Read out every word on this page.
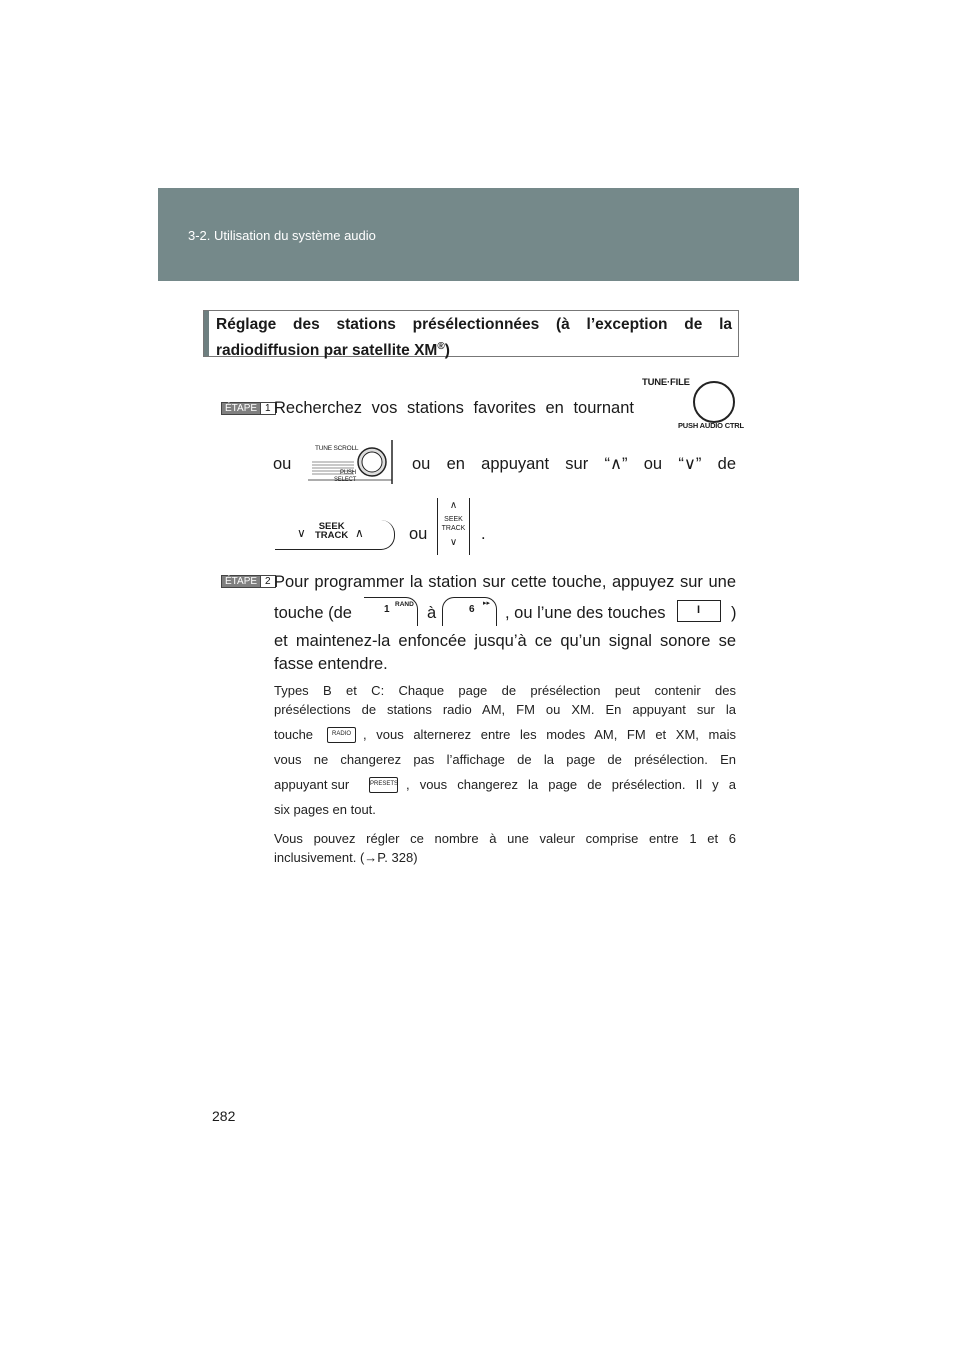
3-2. Utilisation du système audio
Réglage des stations présélectionnées (à l’exception de la
radiodiffusion par satellite XM®)
ÉTAPE 1 Recherchez vos stations favorites en tournant
TUNE·FILE
PUSH AUDIO CTRL
ou
TUNE SCROLL
PUSH
SELECT
ou en appuyant sur “∧” ou “∨” de
∨	SEEK
TRACK ∧	ou
∧
SEEK
TRACK
∨	.
ÉTAPE 2 Pour programmer la station sur cette touche, appuyez sur une
touche (de	1 RAND à	6
▸▸
, ou l’une des touches	I )
et maintenez-la enfoncée jusqu’à ce qu’un signal sonore se
fasse entendre.
Types B et C: Chaque page de présélection peut contenir des
présélections de stations radio AM, FM ou XM. En appuyant sur la
touche	RADIO , vous alternerez entre les modes AM, FM et XM, mais
vous ne changerez pas l’affichage de la page de présélection. En
appuyant sur	PRESETS , vous changerez la page de présélection. Il y a
six pages en tout.
Vous pouvez régler ce nombre à une valeur comprise entre 1 et 6
inclusivement. (→P. 328)
282
